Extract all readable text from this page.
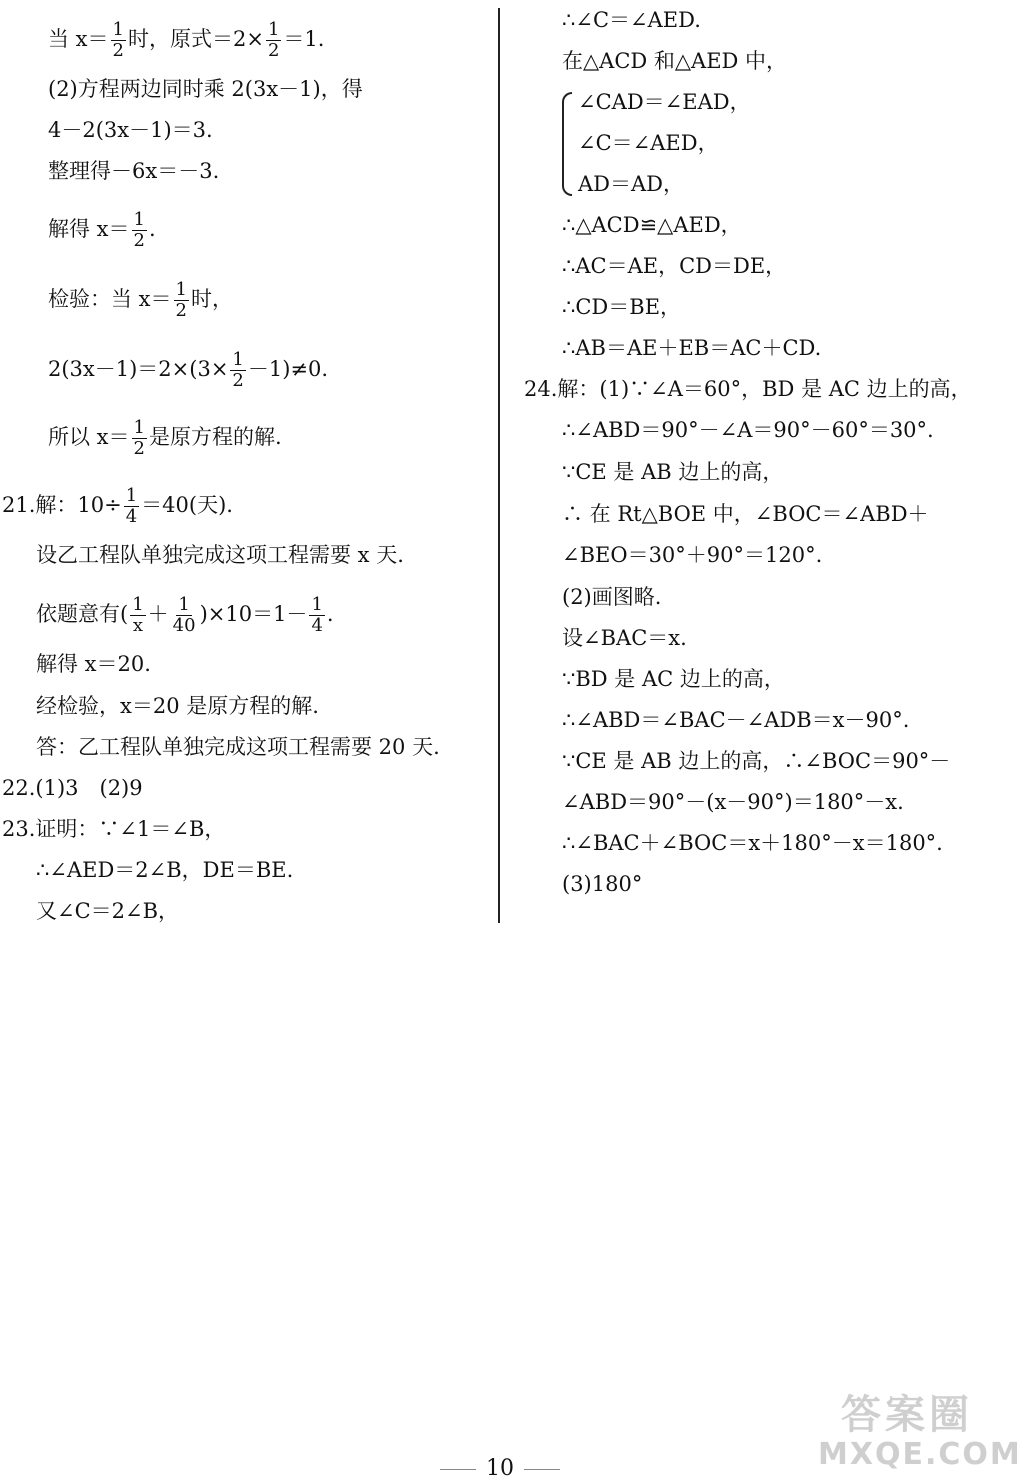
当 $x= \frac{1}{2}$ 时，原式$=2\times \frac{1}{2} =1$.
(2)方程两边同时乘 2(3x－1)，得
4－2(3x－1)＝3.
整理得－6x＝－3.
解得 $x= \frac{1}{2}$ .
检验：当 $x= \frac{1}{2}$ 时，
$2(3x-1)=2\times(3\times \frac{1}{2} -1)\ne 0$.
所以 $x= \frac{1}{2}$ 是原方程的解.
21.解：$10\div \frac{1}{4} =40$(天).
设乙工程队单独完成这项工程需要 x 天.
依题意有( $\frac{1}{x} + \frac{1}{40} )\times 10=1- \frac{1}{4}$ .
解得 x＝20.
经检验，x＝20 是原方程的解.
答：乙工程队单独完成这项工程需要 20 天.
22.(1)3　(2)9
23.证明：∵∠1＝∠B，
∴∠AED＝2∠B，DE＝BE.
又∠C＝2∠B，
∴∠C＝∠AED.
在△ACD 和△AED 中，
∠CAD＝∠EAD，
∠C＝∠AED，
AD＝AD，
∴△ACD≌△AED，
∴AC＝AE，CD＝DE，
∴CD＝BE，
∴AB＝AE＋EB＝AC＋CD.
24.解：(1)∵∠A＝60°，BD 是 AC 边上的高，
∴∠ABD＝90°－∠A＝90°－60°＝30°.
∵CE 是 AB 边上的高，
∴ 在 Rt△BOE 中，∠BOC＝∠ABD＋
∠BEO＝30°＋90°＝120°.
(2)画图略.
设∠BAC＝x.
∵BD 是 AC 边上的高，
∴∠ABD＝∠BAC－∠ADB＝x－90°.
∵CE 是 AB 边上的高，∴∠BOC＝90°－
∠ABD＝90°－(x－90°)＝180°－x.
∴∠BAC＋∠BOC＝x＋180°－x＝180°.
(3)180°
答案圈
MXQE.COM
10
